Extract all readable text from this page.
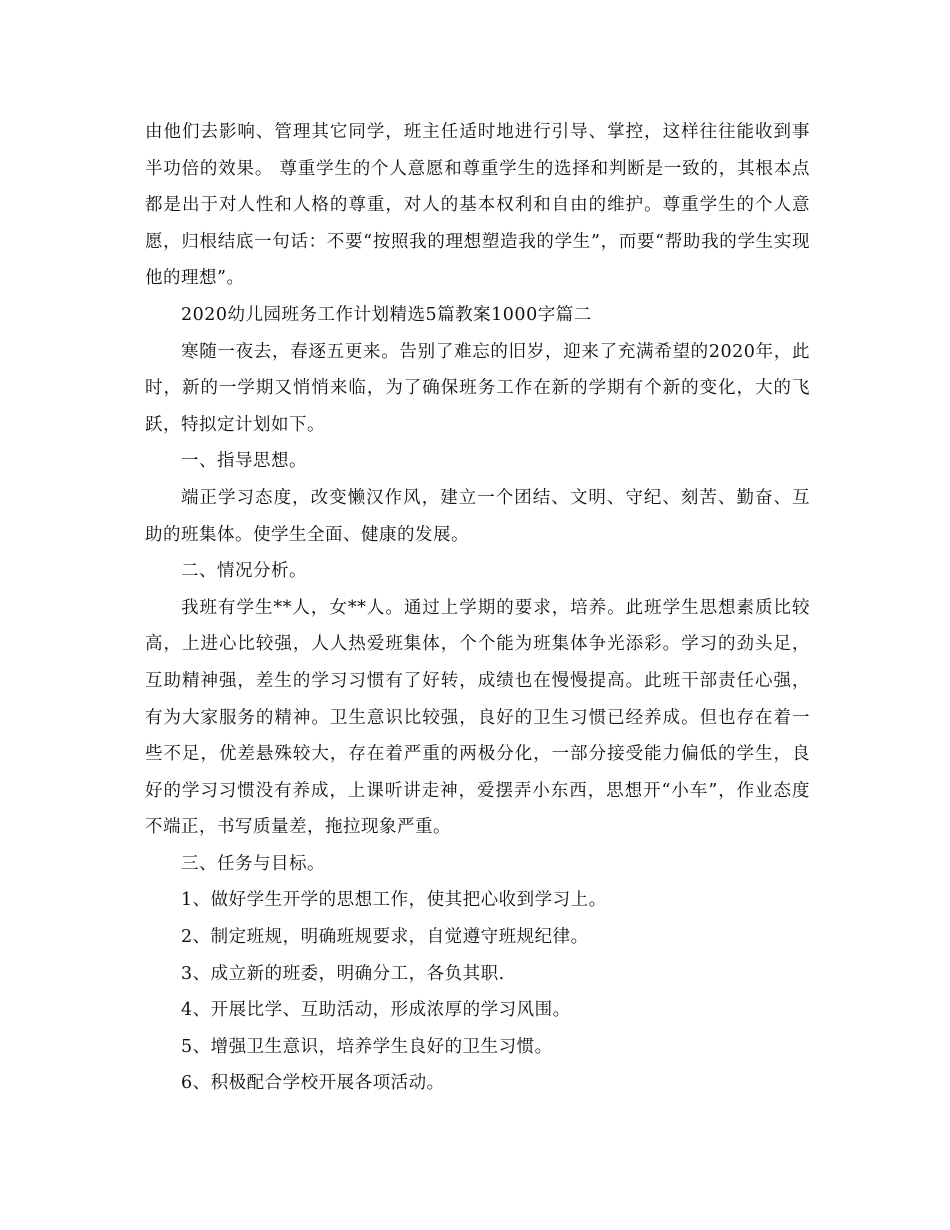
由他们去影响、管理其它同学，班主任适时地进行引导、掌控，这样往往能收到事半功倍的效果。 尊重学生的个人意愿和尊重学生的选择和判断是一致的，其根本点都是出于对人性和人格的尊重，对人的基本权利和自由的维护。尊重学生的个人意愿，归根结底一句话：不要“按照我的理想塑造我的学生”，而要“帮助我的学生实现他的理想”。

2020幼儿园班务工作计划精选5篇教案1000字篇二

寒随一夜去，春逐五更来。告别了难忘的旧岁，迎来了充满希望的2020年，此时，新的一学期又悄悄来临，为了确保班务工作在新的学期有个新的变化，大的飞跃，特拟定计划如下。

一、指导思想。

端正学习态度，改变懒汉作风，建立一个团结、文明、守纪、刻苦、勤奋、互助的班集体。使学生全面、健康的发展。

二、情况分析。

我班有学生**人，女**人。通过上学期的要求，培养。此班学生思想素质比较高，上进心比较强，人人热爱班集体，个个能为班集体争光添彩。学习的劲头足，互助精神强，差生的学习习惯有了好转，成绩也在慢慢提高。此班干部责任心强，有为大家服务的精神。卫生意识比较强，良好的卫生习惯已经养成。但也存在着一些不足，优差悬殊较大，存在着严重的两极分化，一部分接受能力偏低的学生，良好的学习习惯没有养成，上课听讲走神，爱摆弄小东西，思想开“小车”，作业态度不端正，书写质量差，拖拉现象严重。

三、任务与目标。

1、做好学生开学的思想工作，使其把心收到学习上。

2、制定班规，明确班规要求，自觉遵守班规纪律。

3、成立新的班委，明确分工，各负其职.

4、开展比学、互助活动，形成浓厚的学习风围。

5、增强卫生意识，培养学生良好的卫生习惯。

6、积极配合学校开展各项活动。
